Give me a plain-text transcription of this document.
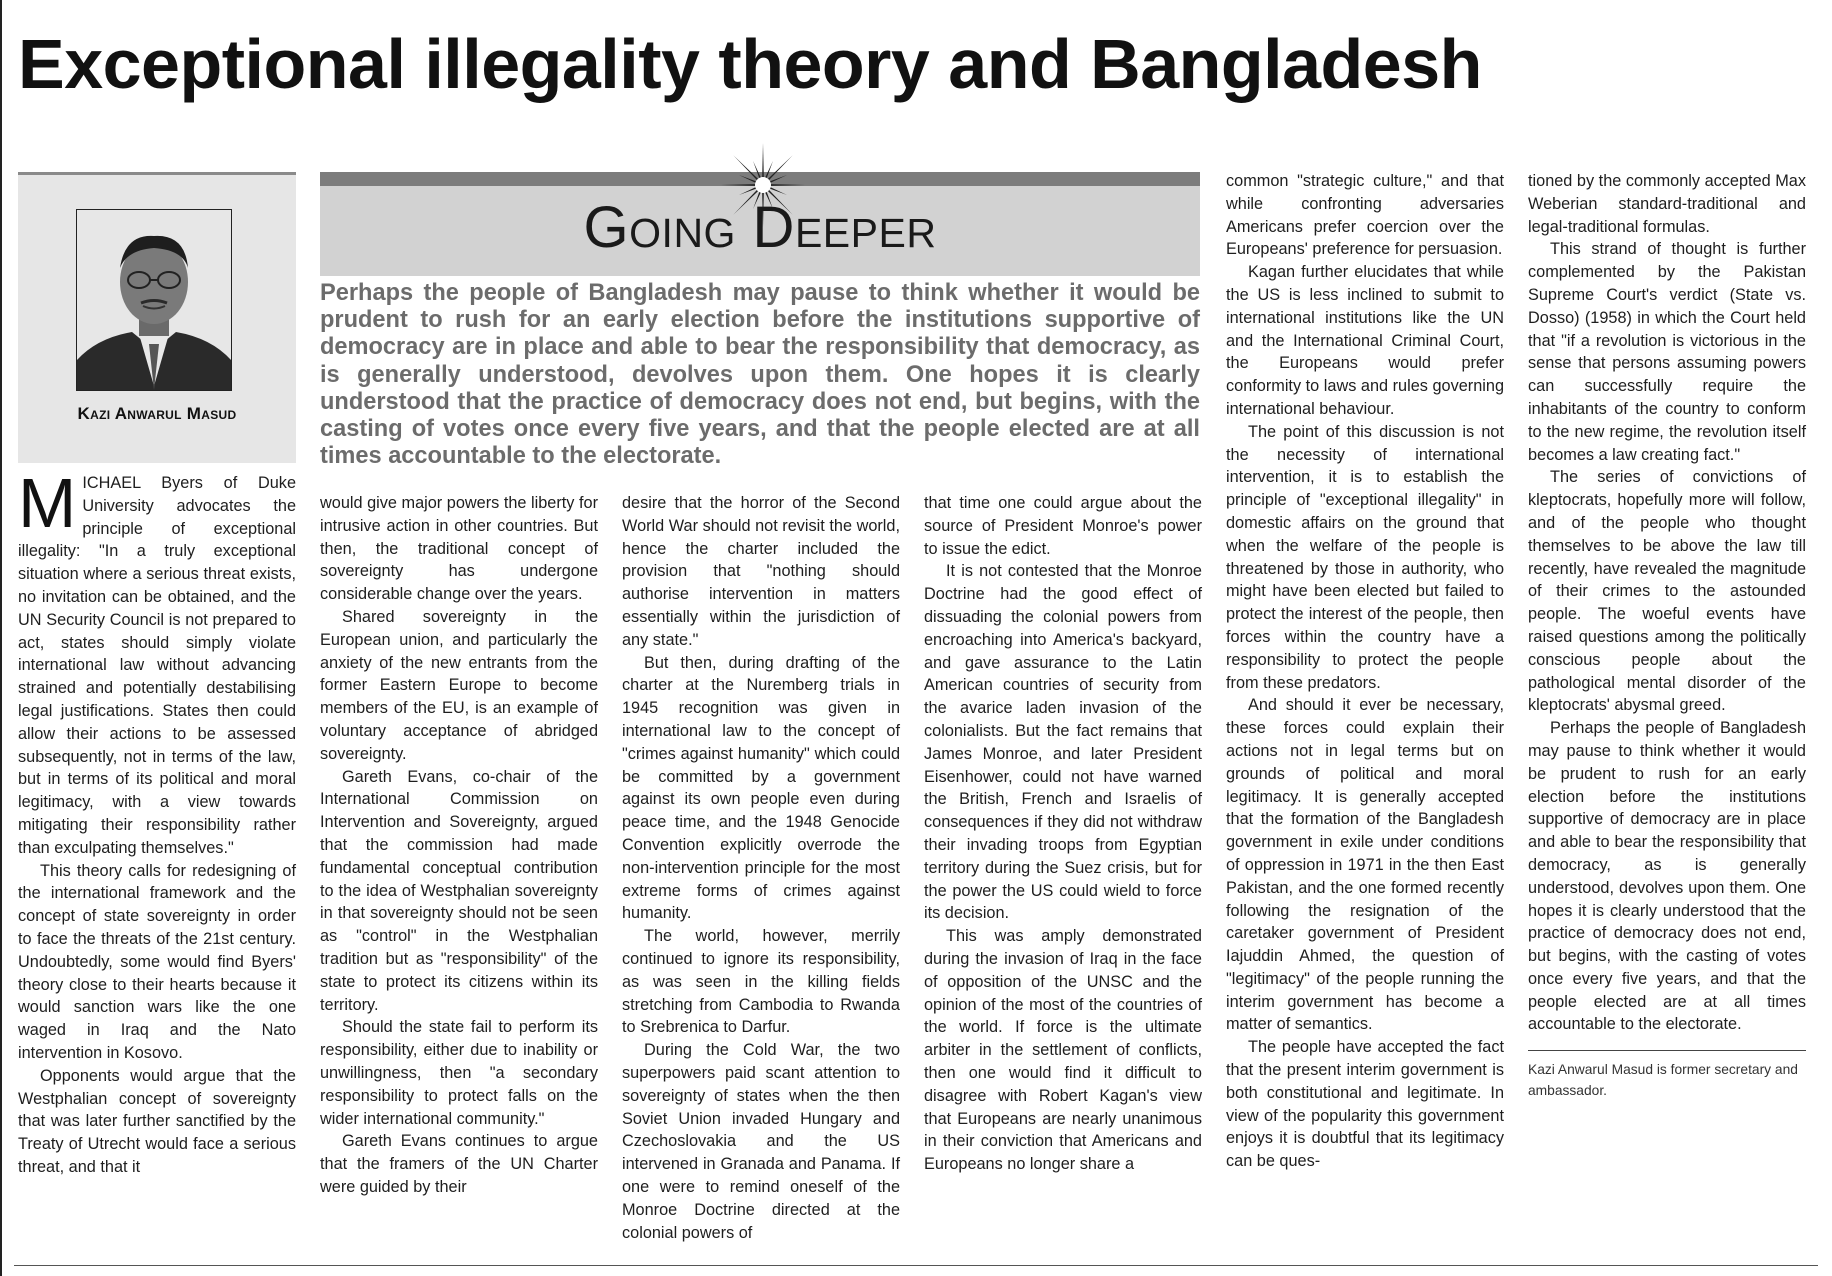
Exceptional illegality theory and Bangladesh
Kazi Anwarul Masud
Going Deeper

Perhaps the people of Bangladesh may pause to think whether it would be prudent to rush for an early election before the institutions supportive of democracy are in place and able to bear the responsibility that democracy, as is generally understood, devolves upon them. One hopes it is clearly understood that the practice of democracy does not end, but begins, with the casting of votes once every five years, and that the people elected are at all times accountable to the electorate.

MICHAEL Byers of Duke University advocates the principle of exceptional illegality: "In a truly exceptional situation where a serious threat exists, no invitation can be obtained, and the UN Security Council is not prepared to act, states should simply violate international law without advancing strained and potentially destabilising legal justifications. States then could allow their actions to be assessed subsequently, not in terms of the law, but in terms of its political and moral legitimacy, with a view towards mitigating their responsibility rather than exculpating themselves."

This theory calls for redesigning of the international framework and the concept of state sovereignty in order to face the threats of the 21st century. Undoubtedly, some would find Byers' theory close to their hearts because it would sanction wars like the one waged in Iraq and the Nato intervention in Kosovo.

Opponents would argue that the Westphalian concept of sovereignty that was later further sanctified by the Treaty of Utrecht would face a serious threat, and that it

would give major powers the liberty for intrusive action in other countries. But then, the traditional concept of sovereignty has undergone considerable change over the years.

Shared sovereignty in the European union, and particularly the anxiety of the new entrants from the former Eastern Europe to become members of the EU, is an example of voluntary acceptance of abridged sovereignty.

Gareth Evans, co-chair of the International Commission on Intervention and Sovereignty, argued that the commission had made fundamental conceptual contribution to the idea of Westphalian sovereignty in that sovereignty should not be seen as "control" in the Westphalian tradition but as "responsibility" of the state to protect its citizens within its territory.

Should the state fail to perform its responsibility, either due to inability or unwillingness, then "a secondary responsibility to protect falls on the wider international community."

Gareth Evans continues to argue that the framers of the UN Charter were guided by their

desire that the horror of the Second World War should not revisit the world, hence the charter included the provision that "nothing should authorise intervention in matters essentially within the jurisdiction of any state."

But then, during drafting of the charter at the Nuremberg trials in 1945 recognition was given in international law to the concept of "crimes against humanity" which could be committed by a government against its own people even during peace time, and the 1948 Genocide Convention explicitly overrode the non-intervention principle for the most extreme forms of crimes against humanity.

The world, however, merrily continued to ignore its responsibility, as was seen in the killing fields stretching from Cambodia to Rwanda to Srebrenica to Darfur.

During the Cold War, the two superpowers paid scant attention to sovereignty of states when the then Soviet Union invaded Hungary and Czechoslovakia and the US intervened in Granada and Panama. If one were to remind oneself of the Monroe Doctrine directed at the colonial powers of

that time one could argue about the source of President Monroe's power to issue the edict.

It is not contested that the Monroe Doctrine had the good effect of dissuading the colonial powers from encroaching into America's backyard, and gave assurance to the Latin American countries of security from the avarice laden invasion of the colonialists. But the fact remains that James Monroe, and later President Eisenhower, could not have warned the British, French and Israelis of consequences if they did not withdraw their invading troops from Egyptian territory during the Suez crisis, but for the power the US could wield to force its decision.

This was amply demonstrated during the invasion of Iraq in the face of opposition of the UNSC and the opinion of the most of the countries of the world. If force is the ultimate arbiter in the settlement of conflicts, then one would find it difficult to disagree with Robert Kagan's view that Europeans are nearly unanimous in their conviction that Americans and Europeans no longer share a

common "strategic culture," and that while confronting adversaries Americans prefer coercion over the Europeans' preference for persuasion.

Kagan further elucidates that while the US is less inclined to submit to international institutions like the UN and the International Criminal Court, the Europeans would prefer conformity to laws and rules governing international behaviour.

The point of this discussion is not the necessity of international intervention, it is to establish the principle of "exceptional illegality" in domestic affairs on the ground that when the welfare of the people is threatened by those in authority, who might have been elected but failed to protect the interest of the people, then forces within the country have a responsibility to protect the people from these predators.

And should it ever be necessary, these forces could explain their actions not in legal terms but on grounds of political and moral legitimacy. It is generally accepted that the formation of the Bangladesh government in exile under conditions of oppression in 1971 in the then East Pakistan, and the one formed recently following the resignation of the caretaker government of President Iajuddin Ahmed, the question of "legitimacy" of the people running the interim government has become a matter of semantics.

The people have accepted the fact that the present interim government is both constitutional and legitimate. In view of the popularity this government enjoys it is doubtful that its legitimacy can be ques-

tioned by the commonly accepted Max Weberian standard-traditional and legal-traditional formulas.

This strand of thought is further complemented by the Pakistan Supreme Court's verdict (State vs. Dosso) (1958) in which the Court held that "if a revolution is victorious in the sense that persons assuming powers can successfully require the inhabitants of the country to conform to the new regime, the revolution itself becomes a law creating fact."

The series of convictions of kleptocrats, hopefully more will follow, and of the people who thought themselves to be above the law till recently, have revealed the magnitude of their crimes to the astounded people. The woeful events have raised questions among the politically conscious people about the pathological mental disorder of the kleptocrats' abysmal greed.

Perhaps the people of Bangladesh may pause to think whether it would be prudent to rush for an early election before the institutions supportive of democracy are in place and able to bear the responsibility that democracy, as is generally understood, devolves upon them. One hopes it is clearly understood that the practice of democracy does not end, but begins, with the casting of votes once every five years, and that the people elected are at all times accountable to the electorate.

Kazi Anwarul Masud is former secretary and ambassador.
